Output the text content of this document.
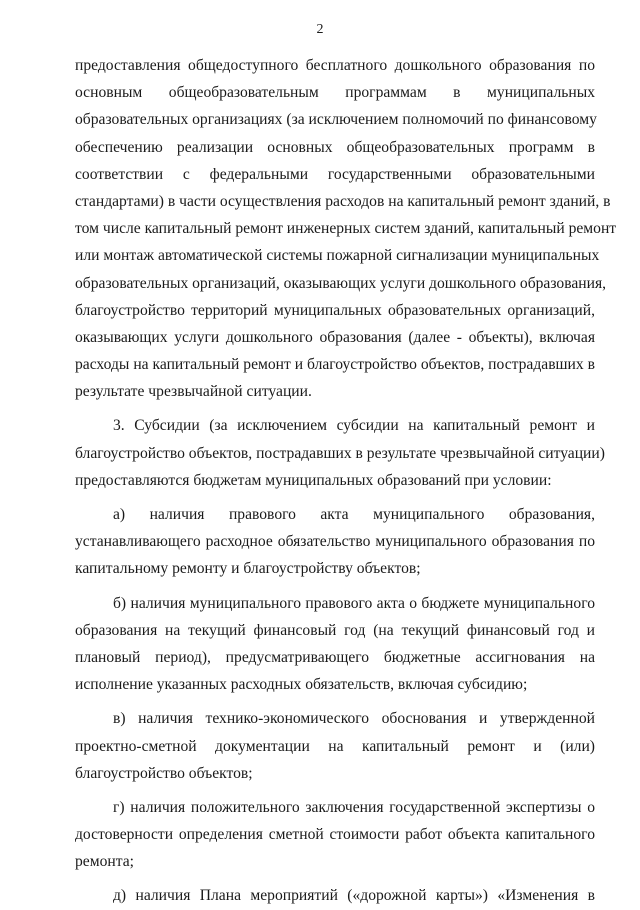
2
предоставления общедоступного бесплатного дошкольного образования по
основным общеобразовательным программам в муниципальных
образовательных организациях (за исключением полномочий по финансовому
обеспечению реализации основных общеобразовательных программ в
соответствии с федеральными государственными образовательными
стандартами) в части осуществления расходов на капитальный ремонт зданий, в
том числе капитальный ремонт инженерных систем зданий, капитальный ремонт
или монтаж автоматической системы пожарной сигнализации муниципальных
образовательных организаций, оказывающих услуги дошкольного образования,
благоустройство территорий муниципальных образовательных организаций,
оказывающих услуги дошкольного образования (далее - объекты), включая
расходы на капитальный ремонт и благоустройство объектов, пострадавших в
результате чрезвычайной ситуации.
3. Субсидии (за исключением субсидии на капитальный ремонт и
благоустройство объектов, пострадавших в результате чрезвычайной ситуации)
предоставляются бюджетам муниципальных образований при условии:
а) наличия правового акта муниципального образования,
устанавливающего расходное обязательство муниципального образования по
капитальному ремонту и благоустройству объектов;
б) наличия муниципального правового акта о бюджете муниципального
образования на текущий финансовый год (на текущий финансовый год и
плановый период), предусматривающего бюджетные ассигнования на
исполнение указанных расходных обязательств, включая субсидию;
в) наличия технико-экономического обоснования и утвержденной
проектно-сметной документации на капитальный ремонт и (или)
благоустройство объектов;
г) наличия положительного заключения государственной экспертизы о
достоверности определения сметной стоимости работ объекта капитального
ремонта;
д) наличия Плана мероприятий («дорожной карты») «Изменения в
